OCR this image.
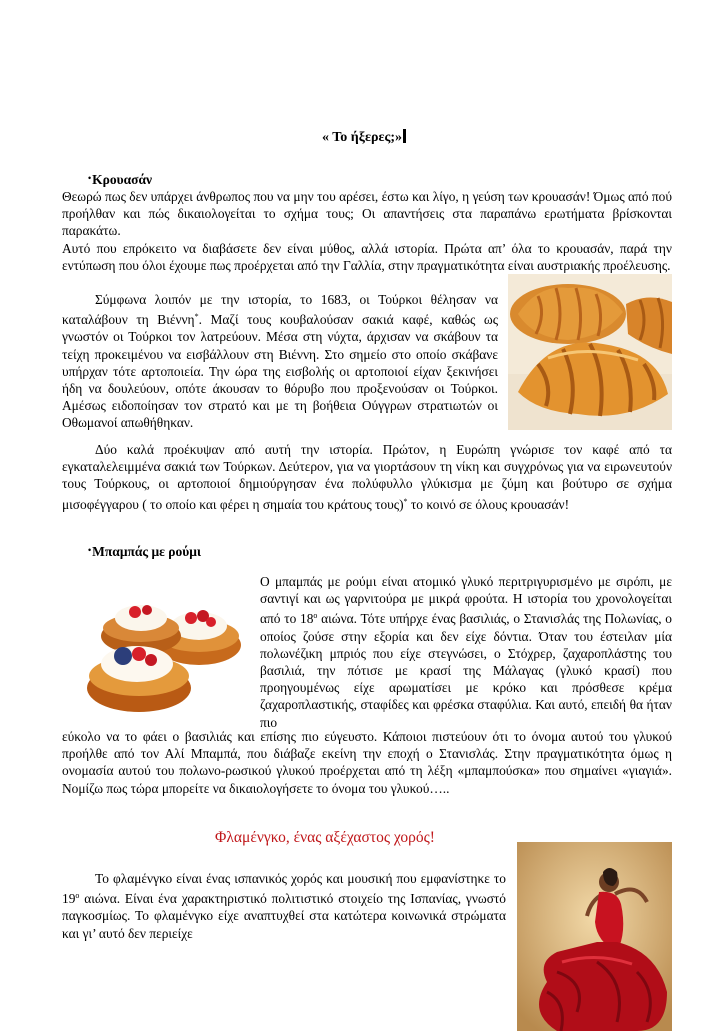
« Το ήξερες;»
•Κρουασάν

Θεωρώ πως δεν υπάρχει άνθρωπος που να μην του αρέσει, έστω και λίγο, η γεύση των κρουασάν! Όμως από πού προήλθαν και πώς δικαιολογείται το σχήμα τους; Οι απαντήσεις στα παραπάνω ερωτήματα βρίσκονται παρακάτω.

Αυτό που επρόκειτο να διαβάσετε δεν είναι μύθος, αλλά ιστορία. Πρώτα απ’ όλα το κρουασάν, παρά την εντύπωση που όλοι έχουμε πως προέρχεται από την Γαλλία, στην πραγματικότητα είναι αυστριακής προέλευσης.

Σύμφωνα λοιπόν με την ιστορία, το 1683, οι Τούρκοι θέλησαν να καταλάβουν τη Βιέννη*. Μαζί τους κουβαλούσαν σακιά καφέ, καθώς ως γνωστόν οι Τούρκοι τον λατρεύουν. Μέσα στη νύχτα, άρχισαν να σκάβουν τα τείχη προκειμένου να εισβάλλουν στη Βιέννη. Στο σημείο στο οποίο σκάβανε υπήρχαν τότε αρτοποιεία. Την ώρα της εισβολής οι αρτοποιοί είχαν ξεκινήσει ήδη να δουλεύουν, οπότε άκουσαν το θόρυβο που προξενούσαν οι Τούρκοι. Αμέσως ειδοποίησαν τον στρατό και με τη βοήθεια Ούγγρων στρατιωτών οι Οθωμανοί απωθήθηκαν.

Δύο καλά προέκυψαν από αυτή την ιστορία. Πρώτον, η Ευρώπη γνώρισε τον καφέ από τα εγκαταλελειμμένα σακιά των Τούρκων. Δεύτερον, για να γιορτάσουν τη νίκη και συγχρόνως για να ειρωνευτούν τους Τούρκους, οι αρτοποιοί δημιούργησαν ένα πολύφυλλο γλύκισμα με ζύμη και βούτυρο σε σχήμα μισοφέγγαρου ( το οποίο και φέρει η σημαία του κράτους τους)* το κοινό σε όλους κρουασάν!

•Μπαμπάς με ρούμι

Ο μπαμπάς με ρούμι είναι ατομικό γλυκό περιτριγυρισμένο με σιρόπι, με σαντιγί και ως γαρνιτούρα με μικρά φρούτα. Η ιστορία του χρονολογείται από το $18^o$ αιώνα. Τότε υπήρχε ένας βασιλιάς, ο Στανισλάς της Πολωνίας, ο οποίος ζούσε στην εξορία και δεν είχε δόντια. Όταν του έστειλαν μία πολωνέζικη μπριός που είχε στεγνώσει, ο Στόχρερ, ζαχαροπλάστης του βασιλιά, την πότισε με κρασί της Μάλαγας (γλυκό κρασί) που προηγουμένως είχε αρωματίσει με κρόκο και πρόσθεσε κρέμα ζαχαροπλαστικής, σταφίδες και φρέσκα σταφύλια. Και αυτό, επειδή θα ήταν πιο

εύκολο να το φάει ο βασιλιάς και επίσης πιο εύγευστο. Κάποιοι πιστεύουν ότι το όνομα αυτού του γλυκού προήλθε από τον Αλί Μπαμπά, που διάβαζε εκείνη την εποχή ο Στανισλάς. Στην πραγματικότητα όμως η ονομασία αυτού του πολωνο-ρωσικού γλυκού προέρχεται από τη λέξη «μπαμπούσκα» που σημαίνει «γιαγιά». Νομίζω πως τώρα μπορείτε να δικαιολογήσετε το όνομα του γλυκού…..

Φλαμένγκο, ένας αξέχαστος χορός!

Το φλαμένγκο είναι ένας ισπανικός χορός και μουσική που εμφανίστηκε το $19^o$ αιώνα. Είναι ένα χαρακτηριστικό πολιτιστικό στοιχείο της Ισπανίας, γνωστό παγκοσμίως. Το φλαμένγκο είχε αναπτυχθεί στα κατώτερα κοινωνικά στρώματα και γι’ αυτό δεν περιείχε
